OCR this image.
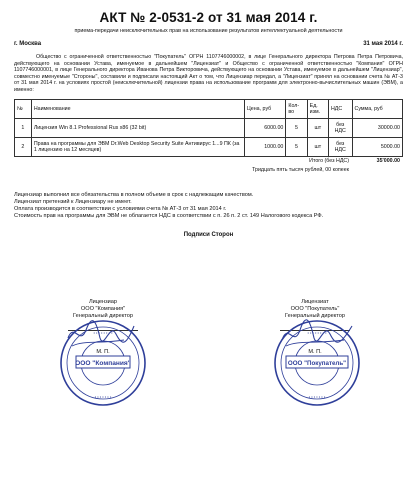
АКТ № 2-0531-2 от 31 мая 2014 г.
приема-передачи неисключительных прав на использование результатов интеллектуальной деятельности
г. Москва	31 мая 2014 г.
Общество с ограниченной ответственностью "Покупатель" ОГРН 1107746000002, в лице Генерального директора Петрова Петра Петровича, действующего на основании Устава, именуемое в дальнейшем "Лицензиат" и Общество с ограниченной ответственностью "Компания" ОГРН 1107746000001, в лице Генерального директора Иванова Петра Викторовича, действующего на основании Устава, именуемое в дальнейшем "Лицензиар", совместно именуемые "Стороны", составили и подписали настоящий Акт о том, что Лицензиар передал, а "Лицензиат" принял на основании счета № АТ-3 от 31 мая 2014 г. на условиях простой (неисключительной) лицензии права на использование программ для электронно-вычислительных машин (ЭВМ), а именно:
№	Наименование	Цена, руб	Кол-во	Ед. изм.	НДС	Сумма, руб
1	Лицензия Win 8.1 Professional Rus x86 (32 bit)	6000.00	5	шт	без НДС	30000.00
2	Права на программы для ЭВМ Dr.Web Desktop Security Suite Антивирус 1...9 ПК (за 1 лицензию на 12 месяцев)	1000.00	5	шт	без НДС	5000.00
Итого (без НДС)	35'000.00
Тридцать пять тысяч рублей, 00 копеек
Лицензиар выполнил все обязательства в полном объеме в срок с надлежащим качеством.
Лицензиат претензий к Лицензиару не имеет.
Оплата производится в соответствии с условиями счета № АТ-3 от 31 мая 2014 г.
Стоимость прав на программы для ЭВМ не облагается НДС в соответствии с п. 26 п. 2 ст. 149 Налогового кодекса РФ.
Подписи Сторон
Лицензиар
ООО "Компания"
Генеральный директор
М. П.
Лицензиат
ООО "Покупатель"
Генеральный директор
М. П.
ООО "Компания"
• • • • • • • •
• • • • • • •
ООО "Покупатель"
• • • • • • • •
• • • • • • •
